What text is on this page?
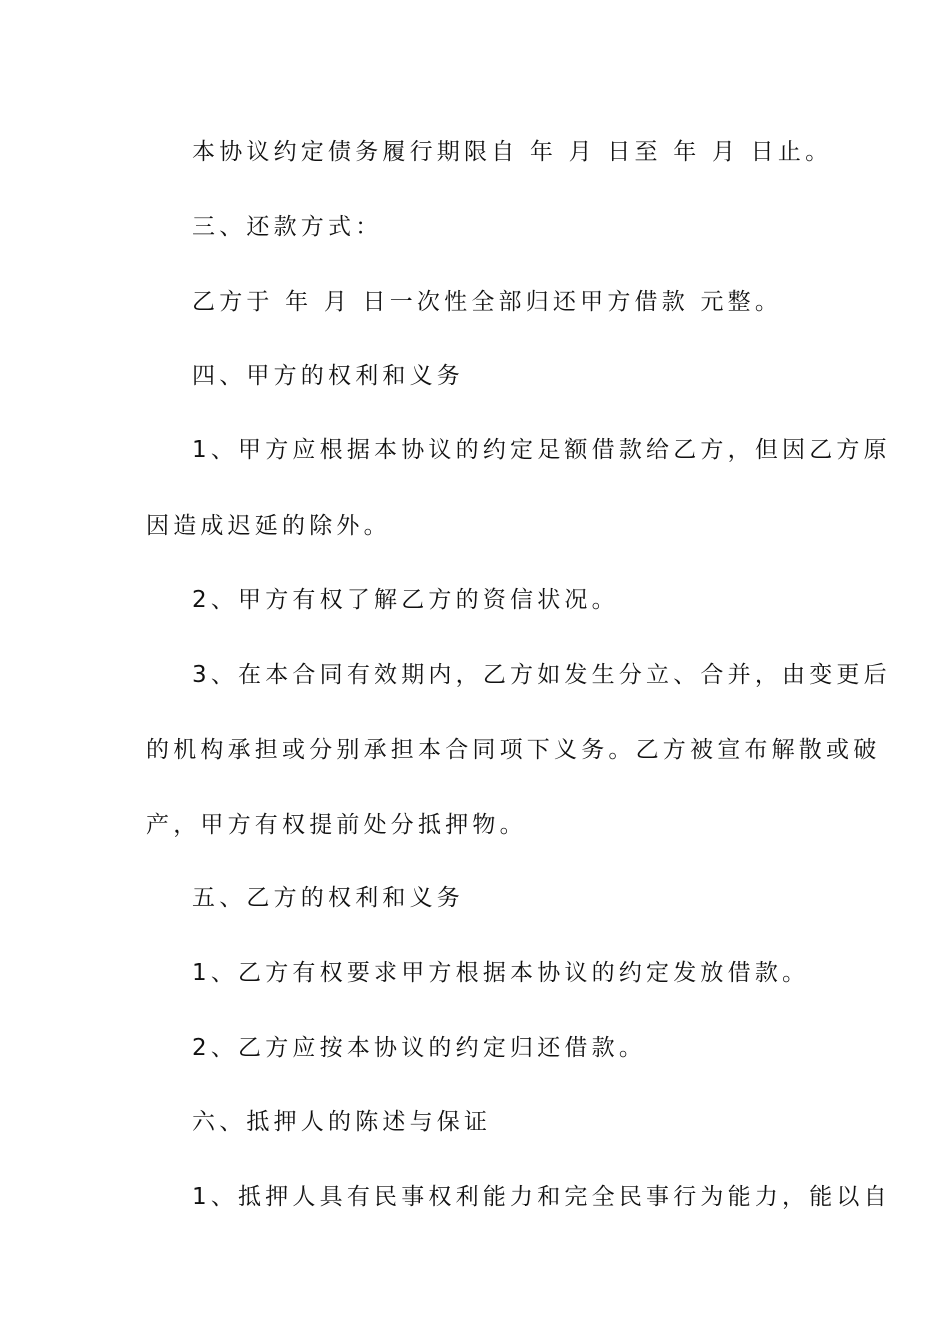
本协议约定债务履行期限自 年 月 日至 年 月 日止。
三、还款方式：
乙方于 年 月 日一次性全部归还甲方借款 元整。
四、甲方的权利和义务
1、甲方应根据本协议的约定足额借款给乙方，但因乙方原
因造成迟延的除外。
2、甲方有权了解乙方的资信状况。
3、在本合同有效期内，乙方如发生分立、合并，由变更后
的机构承担或分别承担本合同项下义务。乙方被宣布解散或破
产，甲方有权提前处分抵押物。
五、乙方的权利和义务
1、乙方有权要求甲方根据本协议的约定发放借款。
2、乙方应按本协议的约定归还借款。
六、抵押人的陈述与保证
1、抵押人具有民事权利能力和完全民事行为能力，能以自
